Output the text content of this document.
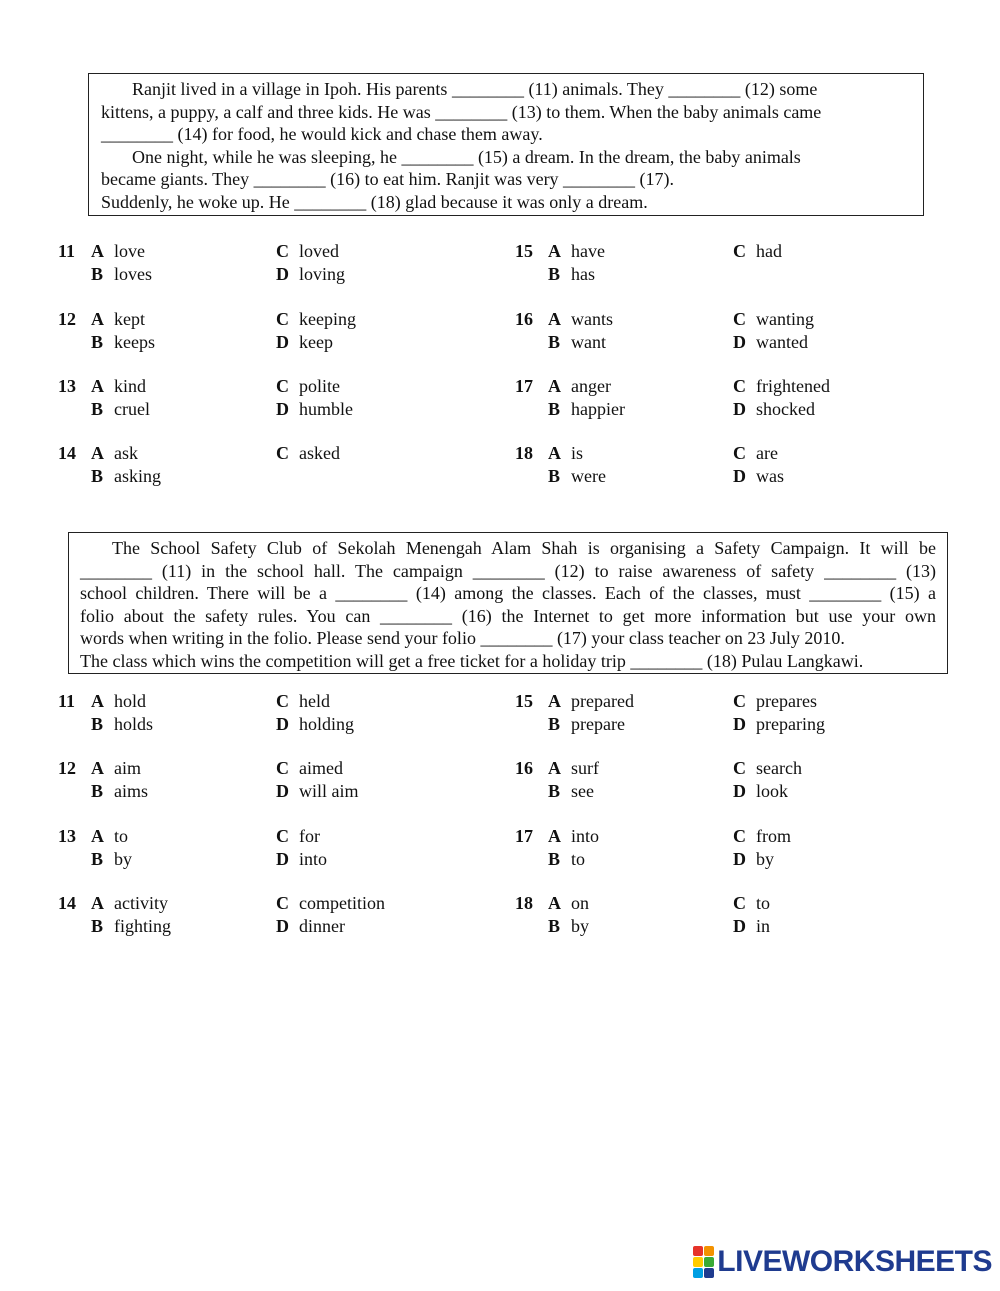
Ranjit lived in a village in Ipoh. His parents ________ (11) animals. They ________ (12) some
kittens, a puppy, a calf and three kids. He was ________ (13) to them. When the baby animals came
________ (14) for food, he would kick and chase them away.
One night, while he was sleeping, he ________ (15) a dream. In the dream, the baby animals
became giants. They ________ (16) to eat him. Ranjit was very ________ (17).
Suddenly, he woke up. He ________ (18) glad because it was only a dream.
11 A love
B loves
C loved
D loving
12 A kept
B keeps
C keeping
D keep
13 A kind
B cruel
C polite
D humble
14 A ask
B asking
C asked
15 A have
B has
C had
16 A wants
B want
C wanting
D wanted
17 A anger
B happier
C frightened
D shocked
18 A is
B were
C are
D was
The School Safety Club of Sekolah Menengah Alam Shah is organising a Safety Campaign. It will be
________ (11) in the school hall. The campaign ________ (12) to raise awareness of safety ________ (13)
school children. There will be a ________ (14) among the classes. Each of the classes, must ________ (15) a
folio about the safety rules. You can ________ (16) the Internet to get more information but use your own
words when writing in the folio. Please send your folio ________ (17) your class teacher on 23 July 2010.
The class which wins the competition will get a free ticket for a holiday trip ________ (18) Pulau Langkawi.
11 A hold
B holds
C held
D holding
12 A aim
B aims
C aimed
D will aim
13 A to
B by
C for
D into
14 A activity
B fighting
C competition
D dinner
15 A prepared
B prepare
C prepares
D preparing
16 A surf
B see
C search
D look
17 A into
B to
C from
D by
18 A on
B by
C to
D in
LIVEWORKSHEETS
